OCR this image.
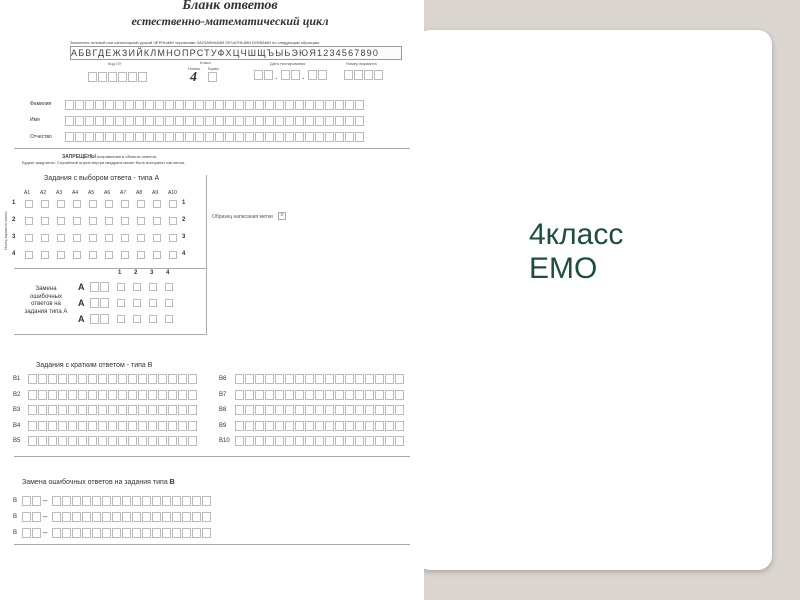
4класс
ЕМО
Бланк ответов
естественно-математический цикл
Заполнить гелевой или капиллярной ручкой ЧЁРНЫМИ чернилами ЗАГЛАВНЫМИ ПЕЧАТНЫМИ БУКВАМИ по следующим образцам:
АБВГДЕЖЗИЙКЛМНОПРСТУФХЦЧШЩЪЫЬЭЮЯ1234567890
Код ОУ	Класс
Номер Буква
4
Дата тестирования
. .
Номер варианта
Фамилия
Имя
Отчество
ЗАПРЕЩЕНЫ исправления в области ответов.
Будьте аккуратны. Случайный штрих внутри квадрата может быть воспринят как метка.
Задания с выбором ответа - типа А
Номер варианта ответа
A1 A2 A3 A4 A5 A6 A7 A8 A9 A10
1	1
2	2
3	3
4	4
Образец написания метки ×
1 2 3 4
А
А
А
Замена ошибочных ответов на задания типа А
Задания с кратким ответом - типа В
B1
B2
B3
B4
B5
B6
B7
B8
B9
B10
Замена ошибочных ответов на задания типа В
В	–
В	–
В	–
